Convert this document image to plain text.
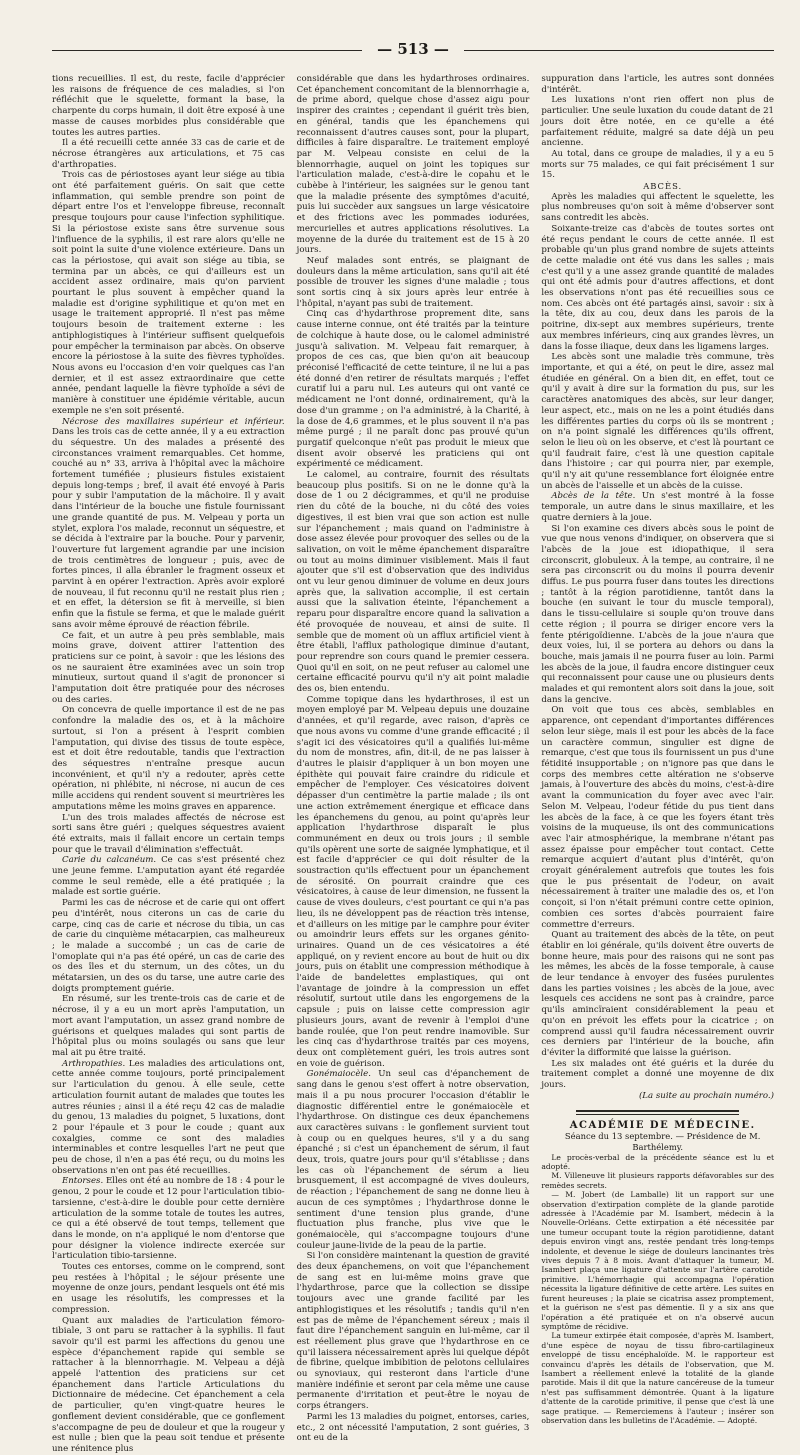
— 513 —

tions recueillies. Il est, du reste, facile d'apprécier les raisons de fréquence de ces maladies, si l'on réfléchit que le squelette, formant la base, la charpente du corps humain, il doit être exposé à une masse de causes morbides plus considérable que toutes les autres parties.

Il a été recueilli cette année 33 cas de carie et de nécrose étrangères aux articulations, et 75 cas d'arthropaties.

Trois cas de périostoses ayant leur siége au tibia ont été parfaitement guéris. On sait que cette inflammation, qui semble prendre son point de départ entre l'os et l'enveloppe fibreuse, reconnaît presque toujours pour cause l'infection syphilitique. Si la périostose existe sans être survenue sous l'influence de la syphilis, il est rare alors qu'elle ne soit point la suite d'une violence extérieure. Dans un cas la périostose, qui avait son siége au tibia, se termina par un abcès, ce qui d'ailleurs est un accident assez ordinaire, mais qu'on parvient pourtant le plus souvent à empêcher quand la maladie est d'origine syphilitique et qu'on met en usage le traitement approprié. Il n'est pas même toujours besoin de traitement externe : les antiphlogistiques à l'intérieur suffisent quelquefois pour empêcher la terminaison par abcès. On observe encore la périostose à la suite des fièvres typhoïdes. Nous avons eu l'occasion d'en voir quelques cas l'an dernier, et il est assez extraordinaire que cette année, pendant laquelle la fièvre typhoïde a sévi de manière à constituer une épidémie véritable, aucun exemple ne s'en soit présenté.

Nécrose des maxillaires supérieur et inférieur. Dans les trois cas de cette année, il y a eu extraction du séquestre. Un des malades a présenté des circonstances vraiment remarquables. Cet homme, couché au n° 33, arriva à l'hôpital avec la mâchoire fortement tuméfiée ; plusieurs fistules existaient depuis long-temps ; bref, il avait été envoyé à Paris pour y subir l'amputation de la mâchoire. Il y avait dans l'intérieur de la bouche une fistule fournissant une grande quantité de pus. M. Velpeau y porta un stylet, explora l'os malade, reconnut un séquestre, et se décida à l'extraire par la bouche. Pour y parvenir, l'ouverture fut largement agrandie par une incision de trois centimètres de longueur ; puis, avec de fortes pinces, il alla ébranler le fragment osseux et parvint à en opérer l'extraction. Après avoir exploré de nouveau, il fut reconnu qu'il ne restait plus rien ; et en effet, la détersion se fit à merveille, si bien enfin que la fistule se ferma, et que le malade guérit sans avoir même éprouvé de réaction fébrile.

Ce fait, et un autre à peu près semblable, mais moins grave, doivent attirer l'attention des praticiens sur ce point, à savoir : que les lésions des os ne sauraient être examinées avec un soin trop minutieux, surtout quand il s'agit de prononcer si l'amputation doit être pratiquée pour des nécroses ou des caries.

On concevra de quelle importance il est de ne pas confondre la maladie des os, et à la mâchoire surtout, si l'on a présent à l'esprit combien l'amputation, qui divise des tissus de toute espèce, est et doit être redoutable, tandis que l'extraction des séquestres n'entraîne presque aucun inconvénient, et qu'il n'y a redouter, après cette opération, ni phlébite, ni nécrose, ni aucun de ces mille accidens qui rendent souvent si meurtrières les amputations même les moins graves en apparence.

L'un des trois malades affectés de nécrose est sorti sans être guéri ; quelques séquestres avaient été extraits, mais il fallait encore un certain temps pour que le travail d'élimination s'effectuât.

Carie du calcanéum. Ce cas s'est présenté chez une jeune femme. L'amputation ayant été regardée comme le seul remède, elle a été pratiquée ; la malade est sortie guérie.

Parmi les cas de nécrose et de carie qui ont offert peu d'intérêt, nous citerons un cas de carie du carpe, cinq cas de carie et nécrose du tibia, un cas de carie du cinquième métacarpien, cas malheureux ; le malade a succombé ; un cas de carie de l'omoplate qui n'a pas été opéré, un cas de carie des os des îles et du sternum, un des côtes, un du métatarsien, un des os du tarse, une autre carie des doigts promptement guérie.

En résumé, sur les trente-trois cas de carie et de nécrose, il y a eu un mort après l'amputation, un mort avant l'amputation, un assez grand nombre de guérisons et quelques malades qui sont partis de l'hôpital plus ou moins soulagés ou sans que leur mal ait pu être traité.

Arthropathies. Les maladies des articulations ont, cette année comme toujours, porté principalement sur l'articulation du genou. À elle seule, cette articulation fournit autant de malades que toutes les autres réunies ; ainsi il a été reçu 42 cas de maladie du genou, 13 maladies du poignet, 5 luxations, dont 2 pour l'épaule et 3 pour le coude ; quant aux coxalgies, comme ce sont des maladies interminables et contre lesquelles l'art ne peut que peu de chose, il n'en a pas été reçu, ou du moins les observations n'en ont pas été recueillies.

Entorses. Elles ont été au nombre de 18 : 4 pour le genou, 2 pour le coude et 12 pour l'articulation tibio-tarsienne, c'est-à-dire le double pour cette dernière articulation de la somme totale de toutes les autres, ce qui a été observé de tout temps, tellement que dans le monde, on n'a appliqué le nom d'entorse que pour désigner la violence indirecte exercée sur l'articulation tibio-tarsienne.

Toutes ces entorses, comme on le comprend, sont peu restées à l'hôpital ; le séjour présente une moyenne de onze jours, pendant lesquels ont été mis en usage les résolutifs, les compresses et la compression.

Quant aux maladies de l'articulation fémoro-tibiale, 3 ont paru se rattacher à la syphilis. Il faut savoir qu'il est parmi les affections du genou une espèce d'épanchement rapide qui semble se rattacher à la blennorrhagie. M. Velpeau a déjà appelé l'attention des praticiens sur cet épanchement dans l'article Articulations du Dictionnaire de médecine. Cet épanchement a cela de particulier, qu'en vingt-quatre heures le gonflement devient considérable, que ce gonflement s'accompagne de peu de douleur et que la rougeur y est nulle ; bien que la peau soit tendue et présente une rénitence plus

considérable que dans les hydarthroses ordinaires. Cet épanchement concomitant de la blennorrhagie a, de prime abord, quelque chose d'assez aigu pour inspirer des craintes ; cependant il guérit très bien, en général, tandis que les épanchemens qui reconnaissent d'autres causes sont, pour la plupart, difficiles à faire disparaître. Le traitement employé par M. Velpeau consiste en celui de la blennorrhagie, auquel on joint les topiques sur l'articulation malade, c'est-à-dire le copahu et le cubèbe à l'intérieur, les saignées sur le genou tant que la maladie présente des symptômes d'acuité, puis lui succèder aux sangsues un large vésicatoire et des frictions avec les pommades iodurées, mercurielles et autres applications résolutives. La moyenne de la durée du traitement est de 15 à 20 jours.

Neuf malades sont entrés, se plaignant de douleurs dans la même articulation, sans qu'il ait été possible de trouver les signes d'une maladie ; tous sont sortis cinq à six jours après leur entrée à l'hôpital, n'ayant pas subi de traitement.

Cinq cas d'hydarthrose proprement dite, sans cause interne connue, ont été traités par la teinture de colchique à haute dose, ou le calomel administré jusqu'à salivation. M. Velpeau fait remarquer, à propos de ces cas, que bien qu'on ait beaucoup préconisé l'efficacité de cette teinture, il ne lui a pas été donné d'en retirer de résultats marqués ; l'effet curatif lui a paru nul. Les auteurs qui ont vanté ce médicament ne l'ont donné, ordinairement, qu'à la dose d'un gramme ; on l'a administré, à la Charité, à la dose de 4,6 grammes, et le plus souvent il n'a pas même purgé ; il ne paraît donc pas prouvé qu'un purgatif quelconque n'eût pas produit le mieux que disent avoir observé les praticiens qui ont expérimenté ce médicament.

Le calomel, au contraire, fournit des résultats beaucoup plus positifs. Si on ne le donne qu'à la dose de 1 ou 2 décigrammes, et qu'il ne produise rien du côté de la bouche, ni du côté des voies digestives, il est bien vrai que son action est nulle sur l'épanchement ; mais quand on l'administre à dose assez élevée pour provoquer des selles ou de la salivation, on voit le même épanchement disparaître ou tout au moins diminuer visiblement. Mais il faut ajouter que s'il est d'observation que des individus ont vu leur genou diminuer de volume en deux jours après que, la salivation accomplie, il est certain aussi que la salivation éteinte, l'épanchement a reparu pour disparaître encore quand la salivation a été provoquée de nouveau, et ainsi de suite. Il semble que de moment où un afflux artificiel vient à être établi, l'afflux pathologique diminue d'autant, pour reprendre son cours quand le premier cessera. Quoi qu'il en soit, on ne peut refuser au calomel une certaine efficacité pourvu qu'il n'y ait point maladie des os, bien entendu.

Comme topique dans les hydarthroses, il est un moyen employé par M. Velpeau depuis une douzaine d'années, et qu'il regarde, avec raison, d'après ce que nous avons vu comme d'une grande efficacité ; il s'agit ici des vésicatoires qu'il a qualifiés lui-même du nom de monstres, afin, dit-il, de ne pas laisser à d'autres le plaisir d'appliquer à un bon moyen une épithète qui pouvait faire craindre du ridicule et empêcher de l'employer. Ces vésicatoires doivent dépasser d'un centimètre la partie malade ; ils ont une action extrêmement énergique et efficace dans les épanchemens du genou, au point qu'après leur application l'hydarthrose disparaît le plus communément en deux ou trois jours ; il semble qu'ils opèrent une sorte de saignée lymphatique, et il est facile d'apprécier ce qui doit résulter de la soustraction qu'ils effectuent pour un épanchement de sérosité. On pourrait craindre que ces vésicatoires, à cause de leur dimension, ne fussent la cause de vives douleurs, c'est pourtant ce qui n'a pas lieu, ils ne développent pas de réaction très intense, et d'ailleurs on les mitige par le camphre pour éviter ou amoindrir leurs effets sur les organes génito-urinaires. Quand un de ces vésicatoires a été appliqué, on y revient encore au bout de huit ou dix jours, puis on établit une compression méthodique à l'aide de bandelettes emplastiques, qui ont l'avantage de joindre à la compression un effet résolutif, surtout utile dans les engorgemens de la capsule ; puis on laisse cette compression agir plusieurs jours, avant de revenir à l'emploi d'une bande roulée, que l'on peut rendre inamovible. Sur les cinq cas d'hydarthrose traités par ces moyens, deux ont complètement guéri, les trois autres sont en voie de guérison.

Gonémaiocèle. Un seul cas d'épanchement de sang dans le genou s'est offert à notre observation, mais il a pu nous procurer l'occasion d'établir le diagnostic différentiel entre le gonémaiocèle et l'hydarthrose. On distingue ces deux épanchemens aux caractères suivans : le gonflement survient tout à coup ou en quelques heures, s'il y a du sang épanché ; si c'est un épanchement de sérum, il faut deux, trois, quatre jours pour qu'il s'établisse ; dans les cas où l'épanchement de sérum a lieu brusquement, il est accompagné de vives douleurs, de réaction ; l'épanchement de sang ne donne lieu à aucun de ces symptômes ; l'hydarthrose donne le sentiment d'une tension plus grande, d'une fluctuation plus franche, plus vive que le gonémaiocèle, qui s'accompagne toujours d'une couleur jaune-livide de la peau de la partie.

Si l'on considère maintenant la question de gravité des deux épanchemens, on voit que l'épanchement de sang est en lui-même moins grave que l'hydarthrose, parce que la collection se dissipe toujours avec une grande facilité par les antiphlogistiques et les résolutifs ; tandis qu'il n'en est pas de même de l'épanchement séreux ; mais il faut dire l'épanchement sanguin en lui-même, car il est réellement plus grave que l'hydarthrose en ce qu'il laissera nécessairement après lui quelque dépôt de fibrine, quelque imbibition de pelotons cellulaires ou synoviaux, qui resteront dans l'article d'une manière indéfinie et seront par cela même une cause permanente d'irritation et peut-être le noyau de corps étrangers.

Parmi les 13 maladies du poignet, entorses, caries, etc., 2 ont nécessité l'amputation, 2 sont guéries, 3 ont eu de la

suppuration dans l'article, les autres sont données d'intérêt.

Les luxations n'ont rien offert non plus de particulier. Une seule luxation du coude datant de 21 jours doit être notée, en ce qu'elle a été parfaitement réduite, malgré sa date déjà un peu ancienne.

Au total, dans ce groupe de maladies, il y a eu 5 morts sur 75 malades, ce qui fait précisément 1 sur 15.

ABCÈS.

Après les maladies qui affectent le squelette, les plus nombreuses qu'on soit à même d'observer sont sans contredit les abcès.

Soixante-treize cas d'abcès de toutes sortes ont été reçus pendant le cours de cette année. Il est probable qu'un plus grand nombre de sujets atteints de cette maladie ont été vus dans les salles ; mais c'est qu'il y a une assez grande quantité de malades qui ont été admis pour d'autres affections, et dont les observations n'ont pas été recueillies sous ce nom. Ces abcès ont été partagés ainsi, savoir : six à la tête, dix au cou, deux dans les parois de la poitrine, dix-sept aux membres supérieurs, trente aux membres inférieurs, cinq aux grandes lèvres, un dans la fosse iliaque, deux dans les ligamens larges.

Les abcès sont une maladie très commune, très importante, et qui a été, on peut le dire, assez mal étudiée en général. On a bien dit, en effet, tout ce qu'il y avait à dire sur la formation du pus, sur les caractères anatomiques des abcès, sur leur danger, leur aspect, etc., mais on ne les a point étudiés dans les différentes parties du corps où ils se montrent ; on n'a point signalé les différences qu'ils offrent, selon le lieu où on les observe, et c'est là pourtant ce qu'il faudrait faire, c'est là une question capitale dans l'histoire ; car qui pourra nier, par exemple, qu'il n'y ait qu'une ressemblance fort éloignée entre un abcès de l'aisselle et un abcès de la cuisse.

Abcès de la tête. Un s'est montré à la fosse temporale, un autre dans le sinus maxillaire, et les quatre derniers à la joue.

Si l'on examine ces divers abcès sous le point de vue que nous venons d'indiquer, on observera que si l'abcès de la joue est idiopathique, il sera circonscrit, globuleux. À la tempe, au contraire, il ne sera pas circonscrit ou du moins il pourra devenir diffus. Le pus pourra fuser dans toutes les directions ; tantôt à la région parotidienne, tantôt dans la bouche (en suivant le tour du muscle temporal), dans le tissu-cellulaire si souple qu'on trouve dans cette région ; il pourra se diriger encore vers la fente ptérigoïdienne. L'abcès de la joue n'aura que deux voies, lui, il se portera au dehors ou dans la bouche, mais jamais il ne pourra fuser au loin. Parmi les abcès de la joue, il faudra encore distinguer ceux qui reconnaissent pour cause une ou plusieurs dents malades et qui remontent alors soit dans la joue, soit dans la gencive.

On voit que tous ces abcès, semblables en apparence, ont cependant d'importantes différences selon leur siège, mais il est pour les abcès de la face un caractère commun, singulier est digne de remarque, c'est que tous ils fournissent un pus d'une fétidité insupportable ; on n'ignore pas que dans le corps des membres cette altération ne s'observe jamais, à l'ouverture des abcès du moins, c'est-à-dire avant la communication du foyer avec avec l'air. Selon M. Velpeau, l'odeur fétide du pus tient dans les abcès de la face, à ce que les foyers étant très voisins de la muqueuse, ils ont des communications avec l'air atmosphérique, la membrane n'étant pas assez épaisse pour empêcher tout contact. Cette remarque acquiert d'autant plus d'intérêt, qu'on croyait généralement autrefois que toutes les fois que le pus présentait de l'odeur, on avait nécessairement à traiter une maladie des os, et l'on conçoit, si l'on n'était prémuni contre cette opinion, combien ces sortes d'abcès pourraient faire commettre d'erreurs.

Quant au traitement des abcès de la tête, on peut établir en loi générale, qu'ils doivent être ouverts de bonne heure, mais pour des raisons qui ne sont pas les mêmes, les abcès de la fosse temporale, à cause de leur tendance à envoyer des fusées purulentes dans les parties voisines ; les abcès de la joue, avec lesquels ces accidens ne sont pas à craindre, parce qu'ils amincïraient considérablement la peau et qu'on en prévoit les effets pour la cicatrice ; on comprend aussi qu'il faudra nécessairement ouvrir ces derniers par l'intérieur de la bouche, afin d'éviter la difformité que laisse la guérison.

Les six malades ont été guéris et la durée du traitement complet a donné une moyenne de dix jours.

(La suite au prochain numéro.)

ACADÉMIE DE MÉDECINE.

Séance du 13 septembre. — Présidence de M. Barthélemy.

Le procès-verbal de la précédente séance est lu et adopté.

M. Villeneuve lit plusieurs rapports défavorables sur des remèdes secrets.

— M. Jobert (de Lamballe) lit un rapport sur une observation d'extirpation complète de la glande parotide adressée à l'Académie par M. Isambert, médecin à la Nouvelle-Orléans. Cette extirpation a été nécessitée par une tumeur occupant toute la région parotidienne, datant depuis environ vingt ans, restée pendant très long-temps indolente, et devenue le siége de douleurs lancinantes très vives depuis 7 à 8 mois. Avant d'attaquer la tumeur, M. Isambert plaça une ligature d'attente sur l'artère carotide primitive. L'hémorrhagie qui accompagna l'opération nécessita la ligature définitive de cette artère. Les suites en furent heureuses ; la plaie se cicatrisa assez promptement, et la guérison ne s'est pas démentie. Il y a six ans que l'opération a été pratiquée et on n'a observé aucun symptôme de récidive.

La tumeur extirpée était composée, d'après M. Isambert, d'une espèce de noyau de tissu fibro-cartilagineux enveloppé de tissu encéphaloïde. M. le rapporteur est convaincu d'après les détails de l'observation, que M. Isambert a réellement enlevé la totalité de la glande parotide. Mais il dit que la nature cancéreuse de la tumeur n'est pas suffisamment démontrée. Quant à la ligature d'attente de la carotide primitive, il pense que c'est là une sage pratique. — Remerciemens à l'auteur ; insérer son observation dans les bulletins de l'Académie. — Adopté.
